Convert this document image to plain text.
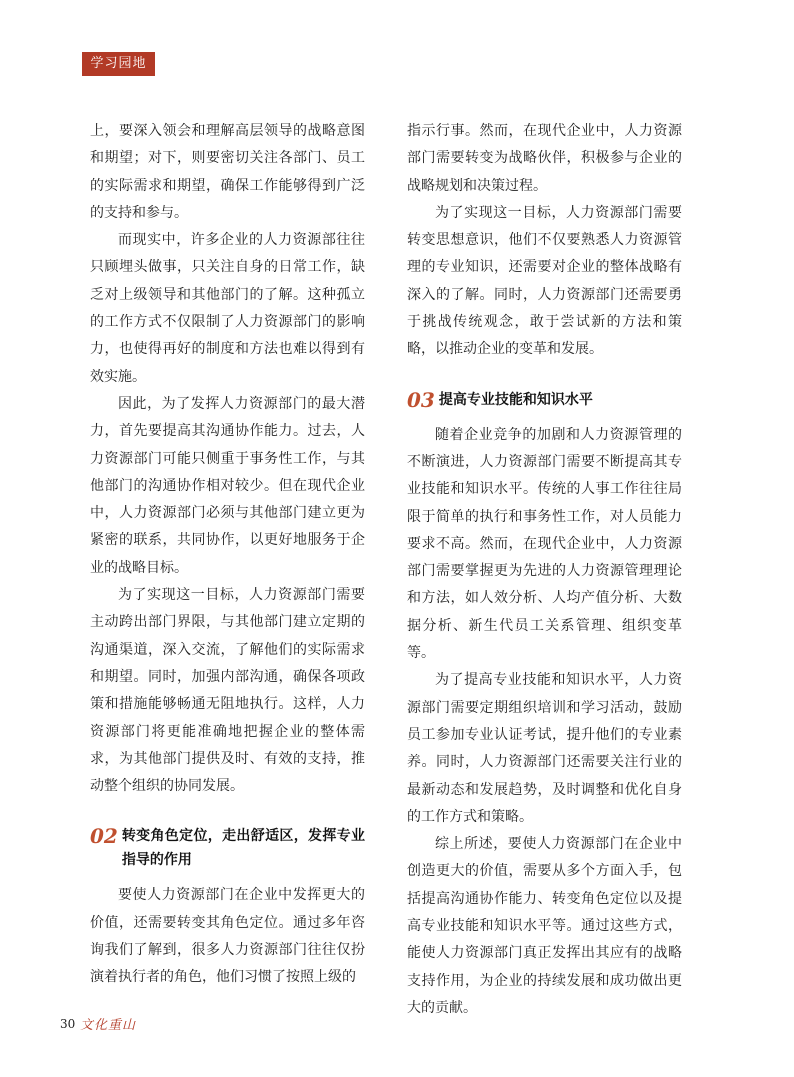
学习园地

上，要深入领会和理解高层领导的战略意图和期望；对下，则要密切关注各部门、员工的实际需求和期望，确保工作能够得到广泛的支持和参与。

而现实中，许多企业的人力资源部往往只顾埋头做事，只关注自身的日常工作，缺乏对上级领导和其他部门的了解。这种孤立的工作方式不仅限制了人力资源部门的影响力，也使得再好的制度和方法也难以得到有效实施。

因此，为了发挥人力资源部门的最大潜力，首先要提高其沟通协作能力。过去，人力资源部门可能只侧重于事务性工作，与其他部门的沟通协作相对较少。但在现代企业中，人力资源部门必须与其他部门建立更为紧密的联系，共同协作，以更好地服务于企业的战略目标。

为了实现这一目标，人力资源部门需要主动跨出部门界限，与其他部门建立定期的沟通渠道，深入交流，了解他们的实际需求和期望。同时，加强内部沟通，确保各项政策和措施能够畅通无阻地执行。这样，人力资源部门将更能准确地把握企业的整体需求，为其他部门提供及时、有效的支持，推动整个组织的协同发展。

02 转变角色定位，走出舒适区，发挥专业指导的作用

要使人力资源部门在企业中发挥更大的价值，还需要转变其角色定位。通过多年咨询我们了解到，很多人力资源部门往往仅扮演着执行者的角色，他们习惯了按照上级的

指示行事。然而，在现代企业中，人力资源部门需要转变为战略伙伴，积极参与企业的战略规划和决策过程。

为了实现这一目标，人力资源部门需要转变思想意识，他们不仅要熟悉人力资源管理的专业知识，还需要对企业的整体战略有深入的了解。同时，人力资源部门还需要勇于挑战传统观念，敢于尝试新的方法和策略，以推动企业的变革和发展。

03 提高专业技能和知识水平

随着企业竞争的加剧和人力资源管理的不断演进，人力资源部门需要不断提高其专业技能和知识水平。传统的人事工作往往局限于简单的执行和事务性工作，对人员能力要求不高。然而，在现代企业中，人力资源部门需要掌握更为先进的人力资源管理理论和方法，如人效分析、人均产值分析、大数据分析、新生代员工关系管理、组织变革等。

为了提高专业技能和知识水平，人力资源部门需要定期组织培训和学习活动，鼓励员工参加专业认证考试，提升他们的专业素养。同时，人力资源部门还需要关注行业的最新动态和发展趋势，及时调整和优化自身的工作方式和策略。

综上所述，要使人力资源部门在企业中创造更大的价值，需要从多个方面入手，包括提高沟通协作能力、转变角色定位以及提高专业技能和知识水平等。通过这些方式，能使人力资源部门真正发挥出其应有的战略支持作用，为企业的持续发展和成功做出更大的贡献。

30 文化重山
